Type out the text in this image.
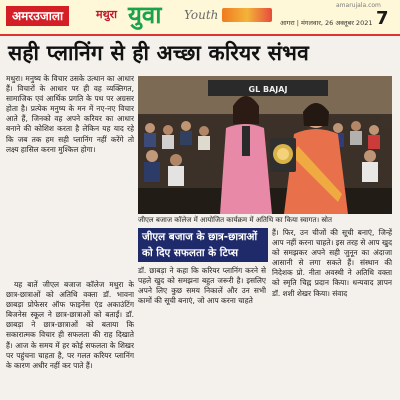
अमरउजाला	मथुरा युवा Youth
amarujala.com
आगरा | मंगलवार, 26 अक्तूबर 2021 7
सही प्लानिंग से ही अच्छा करियर संभव

मथुरा। मनुष्य के विचार उसके उत्थान का आधार हैं। विचारों के आधार पर ही वह व्यक्तिगत, सामाजिक एवं आर्थिक प्रगति के पथ पर अग्रसर होता है। प्रत्येक मनुष्य के मन में नए-नए विचार आते हैं, जिनको वह अपने करियर का आधार बनाने की कोशिश करता है लेकिन यह याद रहे कि जब तक हम सही प्लानिंग नहीं करेंगे तो लक्ष्य हासिल करना मुश्किल होगा।

यह बातें जीएल बजाज कॉलेज मथुरा के छात्र-छात्राओं को अतिथि वक्ता डॉ. भावना छाबड़ा प्रोफेसर ऑफ फाइनेंस एंड अकाउंटिंग बिजनेस स्कूल ने छात्र-छात्राओं को बताईं। डॉ. छाबड़ा ने छात्र-छात्राओं को बताया कि सकारात्मक विचार ही सफलता की राह दिखाते हैं। आज के समय में हर कोई सफलता के शिखर पर पहुंचना चाहता है, पर गलत करियर प्लानिंग के कारण अधीर नहीं कर पाते हैं।

GL BAJAJ
जीएल बजाज कॉलेज में आयोजित कार्यक्रम में अतिथि का किया स्वागत। स्रोत
जीएल बजाज के छात्र-छात्राओं को दिए सफलता के टिप्स
डॉ. छाबड़ा ने कहा कि करियर प्लानिंग करने से पहले खुद को समझना बहुत जरूरी है। इसलिए अपने लिए कुछ समय निकालें और उन सभी कामों की सूची बनाएं, जो आप करना चाहते
हैं। फिर, उन चीजों की सूची बनाएं, जिन्हें आप नहीं करना चाहते। इस तरह से आप खुद को समझकर अपने सही जुनून का अंदाजा आसानी से लगा सकते हैं। संस्थान की निदेशक प्रो. नीता अवस्थी ने अतिथि वक्ता को स्मृति चिह्न प्रदान किया। धन्यवाद ज्ञापन डॉ. शशी शेखर किया। संवाद
